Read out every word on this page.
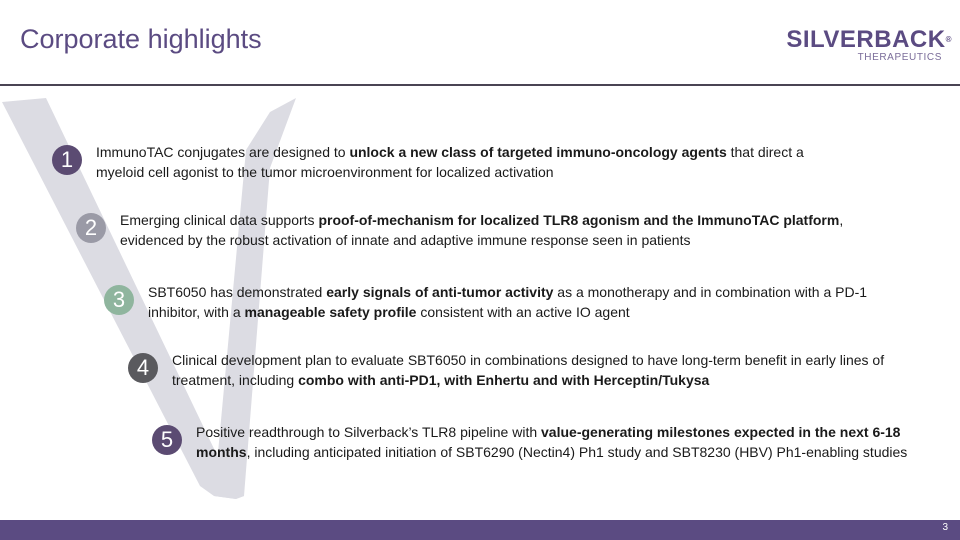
Corporate highlights	SILVERBACK®
THERAPEUTICS
1	ImmunoTAC conjugates are designed to unlock a new class of targeted immuno-oncology agents that direct a myeloid cell agonist to the tumor microenvironment for localized activation
2	Emerging clinical data supports proof-of-mechanism for localized TLR8 agonism and the ImmunoTAC platform, evidenced by the robust activation of innate and adaptive immune response seen in patients
3	SBT6050 has demonstrated early signals of anti-tumor activity as a monotherapy and in combination with a PD-1 inhibitor, with a manageable safety profile consistent with an active IO agent
4	Clinical development plan to evaluate SBT6050 in combinations designed to have long-term benefit in early lines of treatment, including combo with anti-PD1, with Enhertu and with Herceptin/Tukysa
5	Positive readthrough to Silverback’s TLR8 pipeline with value-generating milestones expected in the next 6-18 months, including anticipated initiation of SBT6290 (Nectin4) Ph1 study and SBT8230 (HBV) Ph1-enabling studies
3
